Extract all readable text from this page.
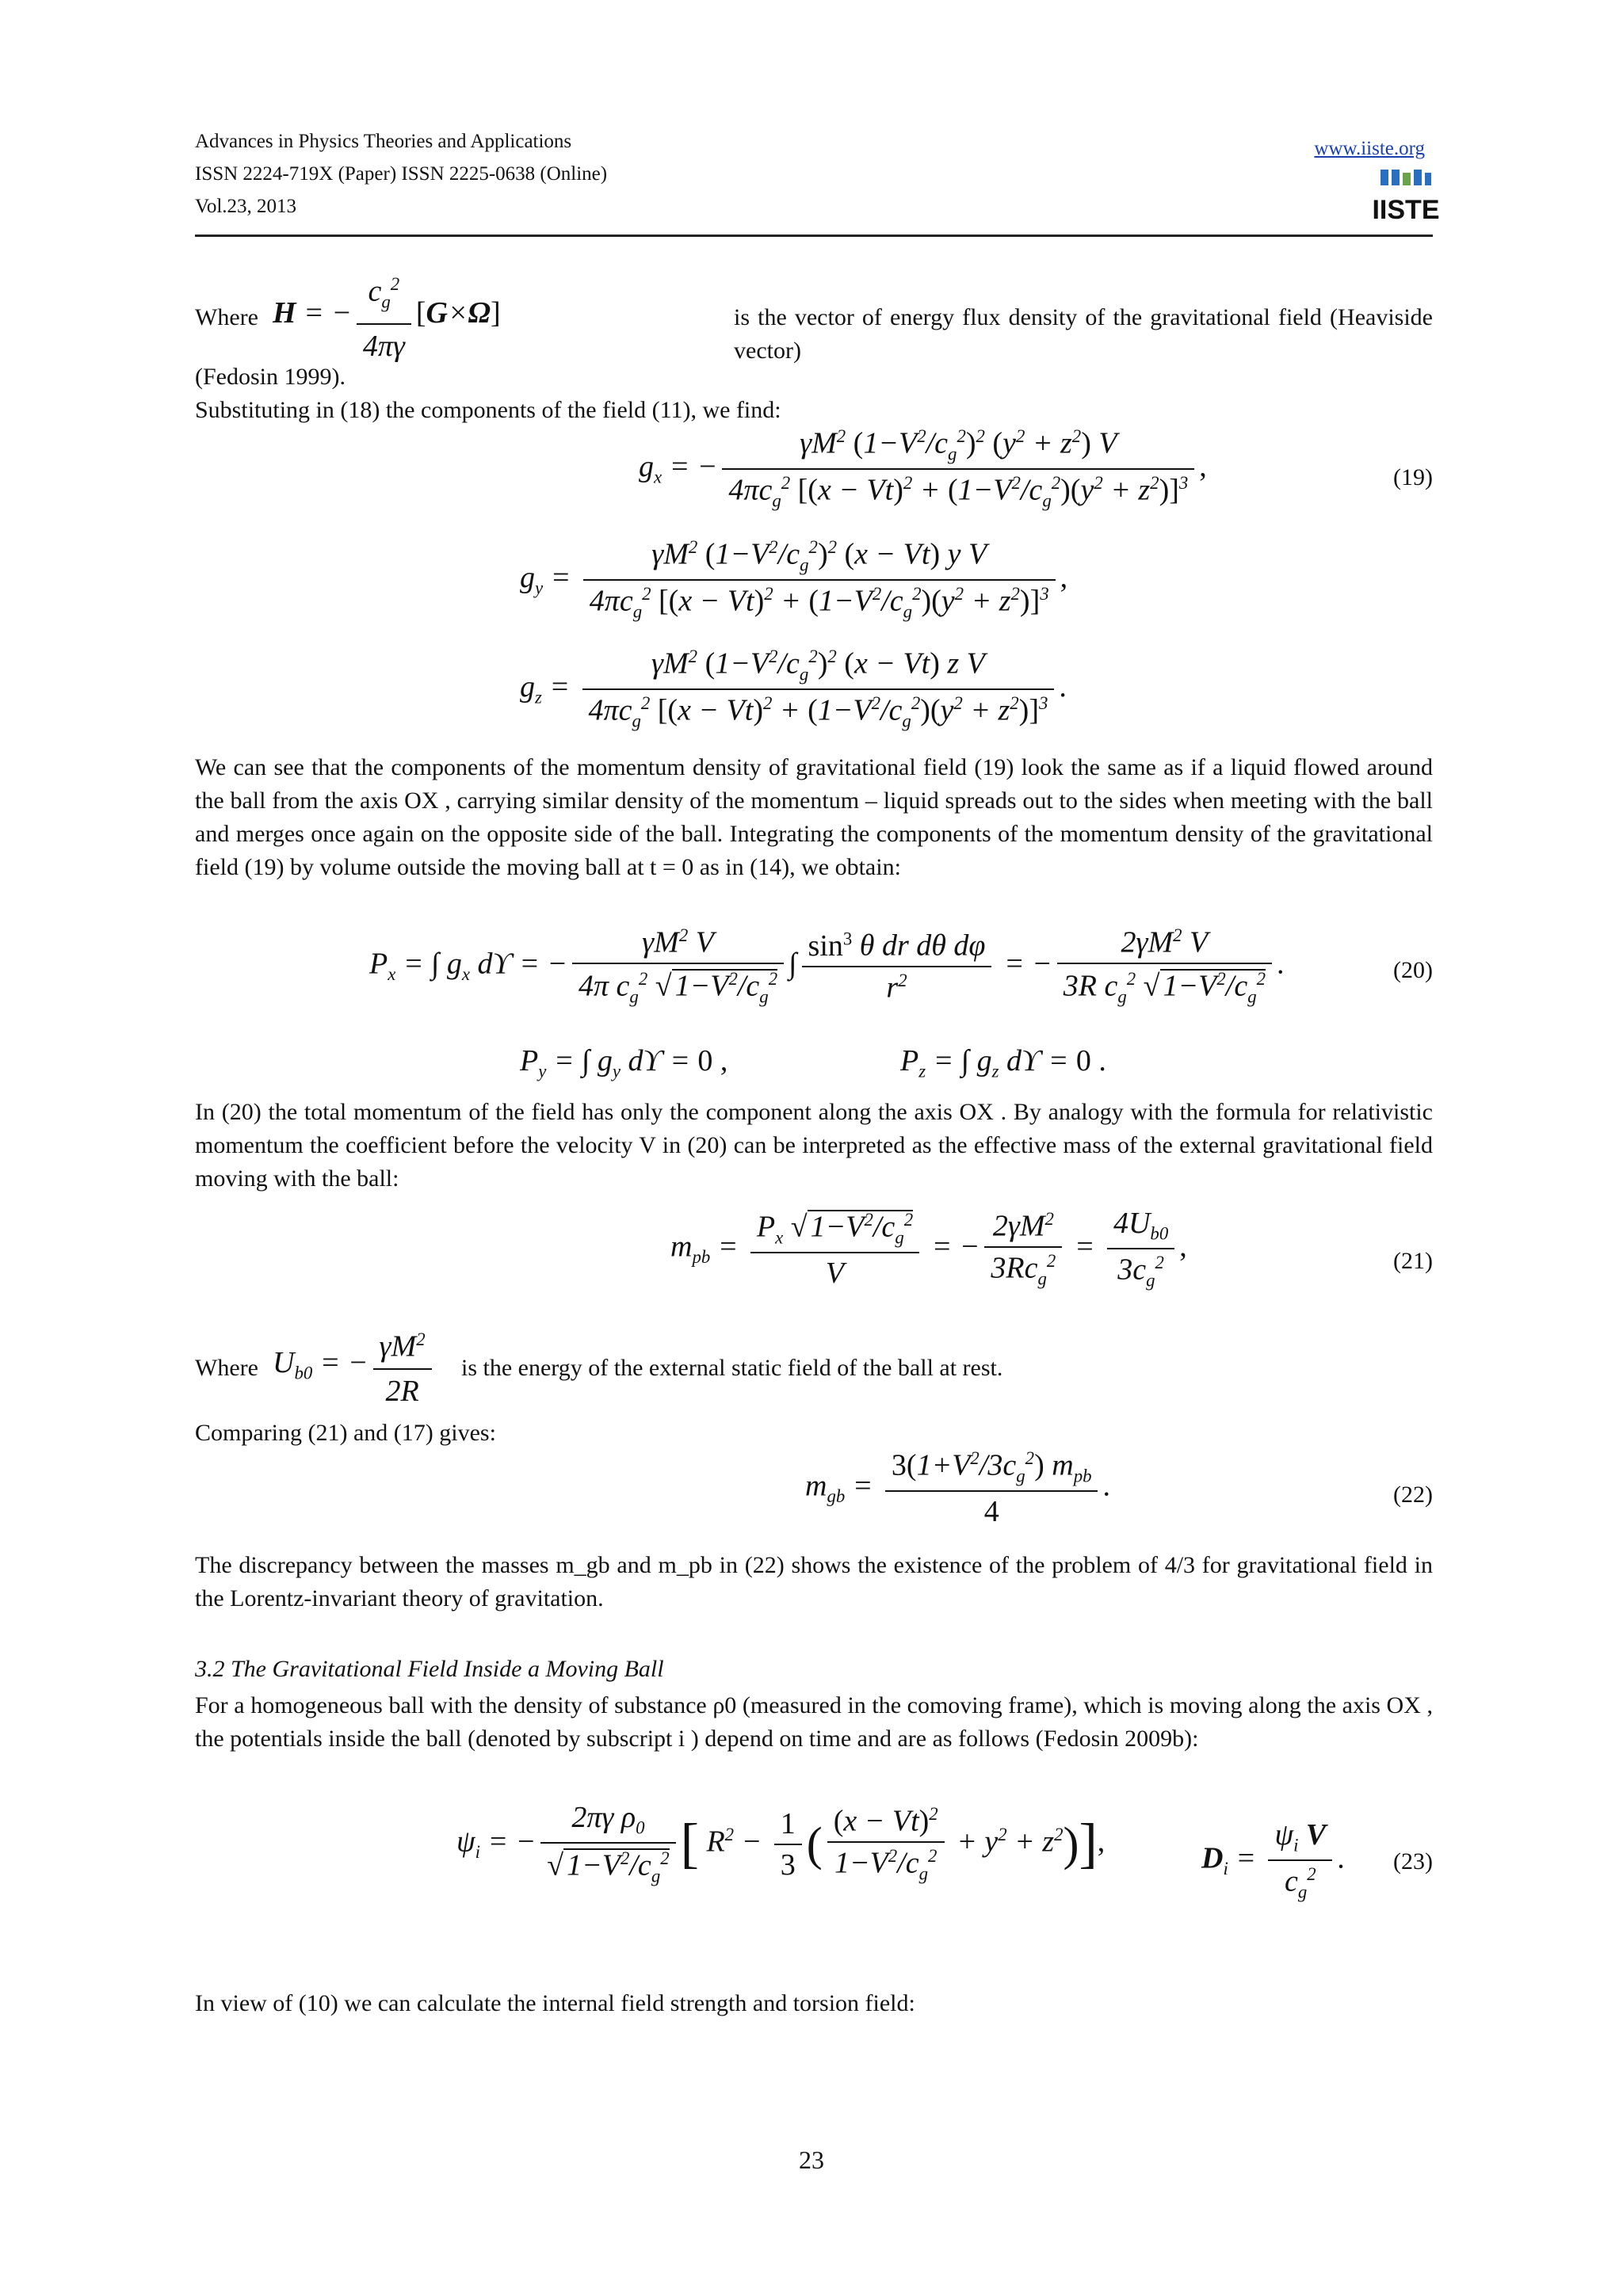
Advances in Physics Theories and Applications
ISSN 2224-719X (Paper) ISSN 2225-0638 (Online)
Vol.23, 2013
www.iiste.org
IISTE
Where H = − $\frac{c_g^2}{4\pi\gamma} [G\times\Omega]$	is the vector of energy flux density of the gravitational field (Heaviside vector)
(Fedosin 1999).
Substituting in (18) the components of the field (11), we find:
$g_x$ = − $\frac{\gamma M^2 (1-V^2/c_g^2)^2 (y^2 + z^2) V}{4\pi c_g^2 [(x - Vt)^2 + (1-V^2/c_g^2)(y^2 + z^2)]^3}$ ,	(19)
$g_y = \frac{\gamma M^2 (1-V^2/c_g^2)^2 (x - Vt) y V}{4\pi c_g^2 [(x - Vt)^2 + (1-V^2/c_g^2)(y^2 + z^2)]^3}$ ,
$g_z = \frac{\gamma M^2 (1-V^2/c_g^2)^2 (x - Vt) z V}{4\pi c_g^2 [(x - Vt)^2 + (1-V^2/c_g^2)(y^2 + z^2)]^3}$ .
We can see that the components of the momentum density of gravitational field (19) look the same as if a liquid flowed around the ball from the axis OX , carrying similar density of the momentum – liquid spreads out to the sides when meeting with the ball and merges once again on the opposite side of the ball. Integrating the components of the momentum density of the gravitational field (19) by volume outside the moving ball at t = 0 as in (14), we obtain:
$P_x$ = ∫ $g_x$ dϒ = − $\frac{\gamma M^2 V}{4\pi c_g^2 √ 1-V^2/c_g^2}$ ∫ $\frac{\sin^3 \theta dr d\theta d\varphi}{r^2}$ = − $\frac{2\gamma M^2 V}{3R c_g^2 √ 1-V^2/c_g^2}$ .	(20)
$P_y$ = ∫ $g_y$ dϒ = 0 ,	$P_z$ = ∫ $g_z$ dϒ = 0 .
In (20) the total momentum of the field has only the component along the axis OX . By analogy with the formula for relativistic momentum the coefficient before the velocity V in (20) can be interpreted as the effective mass of the external gravitational field moving with the ball:
$m_{pb} = \frac{P_x √ 1-V^2/c_g^2}{V}$ = − $\frac{2\gamma M^2}{3Rc_g^2} = \frac{4U_{b0}}{3c_g^2}$ ,	(21)
Where $U_{b0}$ = − $\frac{\gamma M^2}{2R}$ is the energy of the external static field of the ball at rest.
Comparing (21) and (17) gives:
$m_{gb} = \frac{3(1+V^2/3c_g^2) m_{pb}}{4}$ .	(22)
The discrepancy between the masses m_gb and m_pb in (22) shows the existence of the problem of 4/3 for gravitational field in the Lorentz-invariant theory of gravitation.
3.2 The Gravitational Field Inside a Moving Ball
For a homogeneous ball with the density of substance ρ0 (measured in the comoving frame), which is moving along the axis OX , the potentials inside the ball (denoted by subscript i ) depend on time and are as follows (Fedosin 2009b):
$\psi_i$ = − $\frac{2\pi\gamma \rho_0}{√ 1-V^2/c_g^2}$ [ $R^2 - \frac{1}{3}$ ( $\frac{(x - Vt)^2}{1-V^2/c_g^2} + y^2 + z^2$)],	$D_i = \frac{\psi_i V}{c_g^2}$ . (23)
In view of (10) we can calculate the internal field strength and torsion field:
23
